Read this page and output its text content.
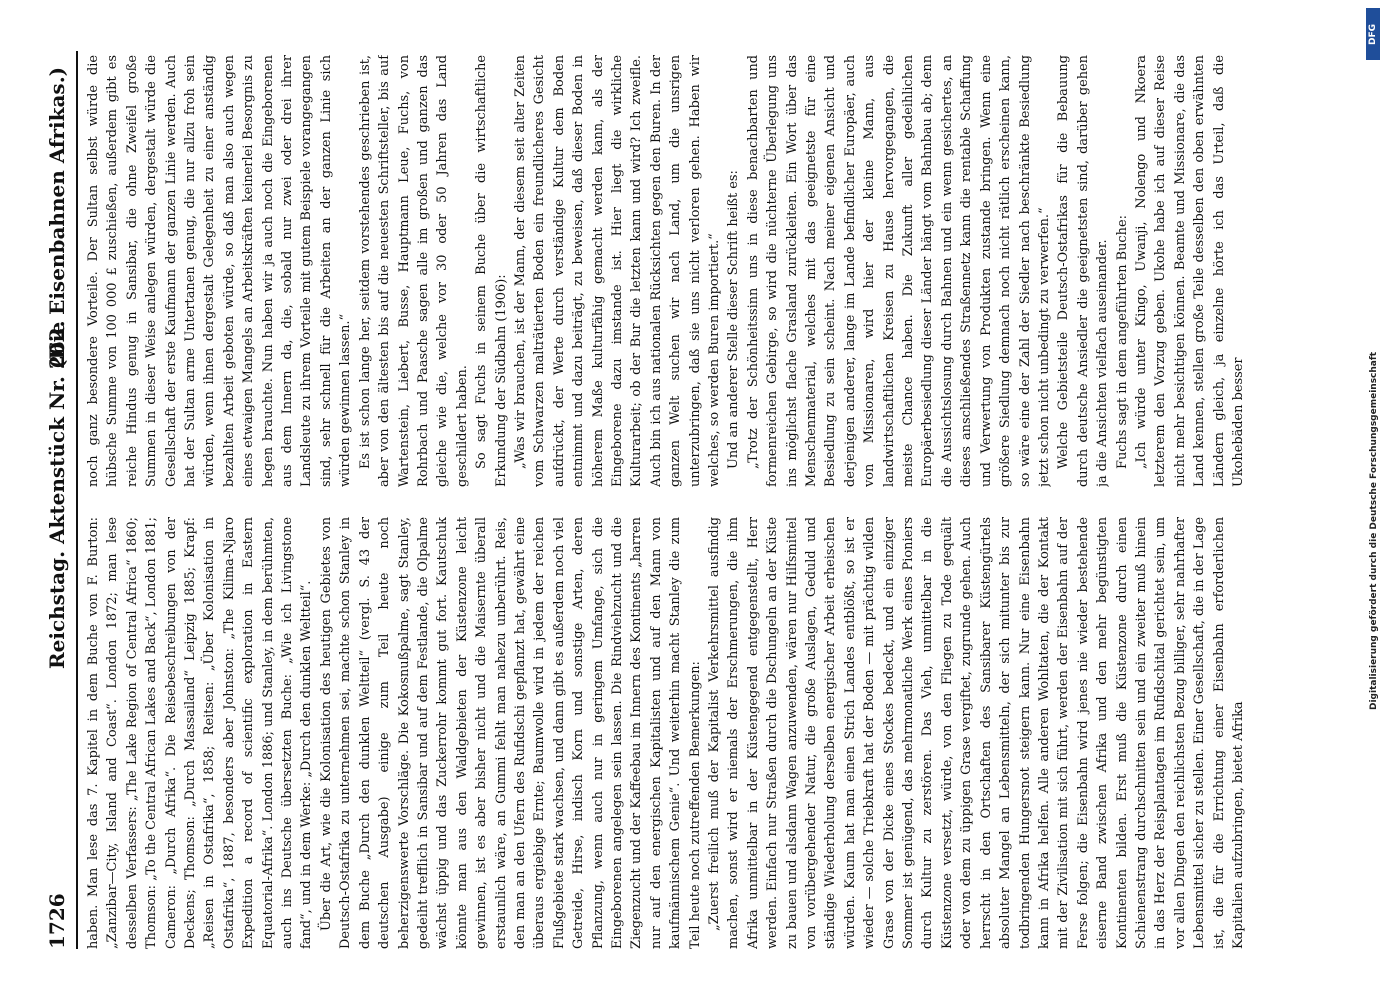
1726
Reichstag. Aktenstück Nr. 262.
(Die Eisenbahnen Afrikas.)

haben. Man lese das 7. Kapitel in dem Buche von F. Burton: „Zanzibar—City, Island and Coast“. London 1872; man lese desselben Verfassers: „The Lake Region of Central Africa“ 1860; Thomson: „To the Central African Lakes and Back“, London 1881; Cameron: „Durch Afrika“. Die Reisebeschreibungen von der Deckens; Thomson: „Durch Massailand“ Leipzig 1885; Krapf: „Reisen in Ostafrika“, 1858; Reitsen: „Über Kolonisation in Ostafrika“, 1887, besonders aber Johnston: „The Kilima-Njaro Expedition a record of scientific exploration in Eastern Equatorial-Afrika“. London 1886; und Stanley, in dem berühmten, auch ins Deutsche übersetzten Buche: „Wie ich Livingstone fand“, und in dem Werke: „Durch den dunklen Weltteil“. Über die Art, wie die Kolonisation des heutigen Gebietes von Deutsch-Ostafrika zu unternehmen sei, machte schon Stanley in dem Buche „Durch den dunklen Weltteil“ (vergl. S. 43 der deutschen Ausgabe) einige zum Teil heute noch beherzigenswerte Vorschläge. Die Kokosnußpalme, sagt Stanley, gedeiht trefflich in Sansibar und auf dem Festlande, die Olpalme wächst üppig und das Zuckerrohr kommt gut fort. Kautschuk könnte man aus den Waldgebieten der Küstenzone leicht gewinnen, ist es aber bisher nicht und die Maisernte überall erstaunlich wäre, an Gummi fehlt man nahezu unberührt. Reis, den man an den Ufern des Rufidschi gepflanzt hat, gewährt eine überaus ergiebige Ernte; Baumwolle wird in jedem der reichen Flußgebiete stark wachsen, und dann gibt es außerdem noch viel Getreide, Hirse, indisch Korn und sonstige Arten, deren Pflanzung, wenn auch nur in geringem Umfange, sich die Eingeborenen angelegen sein lassen. Die Rindviehzucht und die Ziegenzucht und der Kaffeebau im Innern des Kontinents „harren nur auf den energischen Kapitalisten und auf den Mann von kaufmännischem Genie“. Und weiterhin macht Stanley die zum Teil heute noch zutreffenden Bemerkungen: „Zuerst freilich muß der Kapitalist Verkehrsmittel ausfindig machen, sonst wird er niemals der Erschmerungen, die ihm Afrika unmittelbar in der Küstengegend entgegenstellt, Herr werden. Einfach nur Straßen durch die Dschungeln an der Küste zu bauen und alsdann Wagen anzuwenden, wären nur Hilfsmittel von vorübergehender Natur, die große Auslagen, Geduld und ständige Wiederholung derselben energischer Arbeit erheischen würden. Kaum hat man einen Strich Landes entblößt, so ist er wieder — solche Triebkraft hat der Boden — mit prächtig wilden Grase von der Dicke eines Stockes bedeckt, und ein einziger Sommer ist genügend, das mehrmonatliche Werk eines Pioniers durch Kultur zu zerstören. Das Vieh, unmittelbar in die Küstenzone versetzt, würde, von den Fliegen zu Tode gequält oder von dem zu üppigen Grase vergiftet, zugrunde gehen. Auch herrscht in den Ortschaften des Sansibarer Küstengürtels absoluter Mangel an Lebensmitteln, der sich mitunter bis zur todbringenden Hungersnot steigern kann. Nur eine Eisenbahn kann in Afrika helfen. Alle anderen Wohltaten, die der Kontakt mit der Zivilisation mit sich führt, werden der Eisenbahn auf der Ferse folgen; die Eisenbahn wird jenes nie wieder bestehende eiserne Band zwischen Afrika und den mehr begünstigten Kontinenten bilden. Erst muß die Küstenzone durch einen Schienenstrang durchschnitten sein und ein zweiter muß hinein in das Herz der Reisplantagen im Rufidschital gerichtet sein, um vor allen Dingen den reichlichsten Bezug billiger, sehr nahrhafter Lebensmittel sicher zu stellen. Einer Gesellschaft, die in der Lage ist, die für die Errichtung einer Eisenbahn erforderlichen Kapitalien aufzubringen, bietet Afrika

noch ganz besondere Vorteile. Der Sultan selbst würde die hübsche Summe von 100 000 £ zuschießen, außerdem gibt es reiche Hindus genug in Sansibar, die ohne Zweifel große Summen in dieser Weise anlegen würden, dergestalt würde die Gesellschaft der erste Kaufmann der ganzen Linie werden. Auch hat der Sultan arme Untertanen genug, die nur allzu froh sein würden, wenn ihnen dergestalt Gelegenheit zu einer anständig bezahlten Arbeit geboten würde, so daß man also auch wegen eines etwaigen Mangels an Arbeitskräften keinerlei Besorgnis zu hegen brauchte. Nun haben wir ja auch noch die Eingeborenen aus dem Innern da, die, sobald nur zwei oder drei ihrer Landsleute zu ihrem Vorteile mit gutem Beispiele vorangegangen sind, sehr schnell für die Arbeiten an der ganzen Linie sich würden gewinnen lassen.“ Es ist schon lange her, seitdem vorstehendes geschrieben ist, aber von den ältesten bis auf die neuesten Schriftsteller, bis auf Wartenstein, Liebert, Busse, Hauptmann Leue, Fuchs, von Rohrbach und Paasche sagen alle im großen und ganzen das gleiche wie die, welche vor 30 oder 50 Jahren das Land geschildert haben. So sagt Fuchs in seinem Buche über die wirtschaftliche Erkundung der Südbahn (1906): „Was wir brauchen, ist der Mann, der diesem seit alter Zeiten vom Schwarzen malträtierten Boden ein freundlicheres Gesicht aufdrückt, der Werte durch verständige Kultur dem Boden entnimmt und dazu beiträgt, zu beweisen, daß dieser Boden in höherem Maße kulturfähig gemacht werden kann, als der Eingeborene dazu imstande ist. Hier liegt die wirkliche Kulturarbeit; ob der Bur die letzten kann und wird? Ich zweifle. Auch bin ich aus nationalen Rücksichten gegen den Buren. In der ganzen Welt suchen wir nach Land, um die unsrigen unterzubringen, daß sie uns nicht verloren gehen. Haben wir welches, so werden Buren importiert.“ Und an anderer Stelle dieser Schrift heißt es: „Trotz der Schönheitssinn uns in diese benachbarten und formenreichen Gebirge, so wird die nüchterne Überlegung uns ins möglichst flache Grasland zurückleiten. Ein Wort über das Menschenmaterial, welches mit das geeignetste für eine Besiedlung zu sein scheint. Nach meiner eigenen Ansicht und derjenigen anderer, lange im Lande befindlicher Europäer, auch von Missionaren, wird hier der kleine Mann, aus landwirtschaftlichen Kreisen zu Hause hervorgegangen, die meiste Chance haben. Die Zukunft aller gedeihlichen Europäerbesiedlung dieser Länder hängt vom Bahnbau ab; denn die Aussichtslosung durch Bahnen und ein wenn gesichertes, an dieses anschließendes Straßennetz kann die rentable Schaffung und Verwertung von Produkten zustande bringen. Wenn eine größere Siedlung demnach noch nicht rätlich erscheinen kann, so wäre eine der Zahl der Siedler nach beschränkte Besiedlung jetzt schon nicht unbedingt zu verwerfen.“ Welche Gebietsteile Deutsch-Ostafrikas für die Bebauung durch deutsche Ansiedler die geeignetsten sind, darüber gehen ja die Ansichten vielfach auseinander. Fuchs sagt in dem angeführten Buche: „Ich würde unter Kingo, Uwanji, Nolengo und Nkoera letzterem den Vorzug geben. Ukohe habe ich auf dieser Reise nicht mehr besichtigen können. Beamte und Missionare, die das Land kennen, stellen große Teile desselben den oben erwähnten Ländern gleich, ja einzelne hörte ich das Urteil, daß die Ukohebäden besser

DFG
Digitalisierung gefördert durch die Deutsche Forschungsgemeinschaft
